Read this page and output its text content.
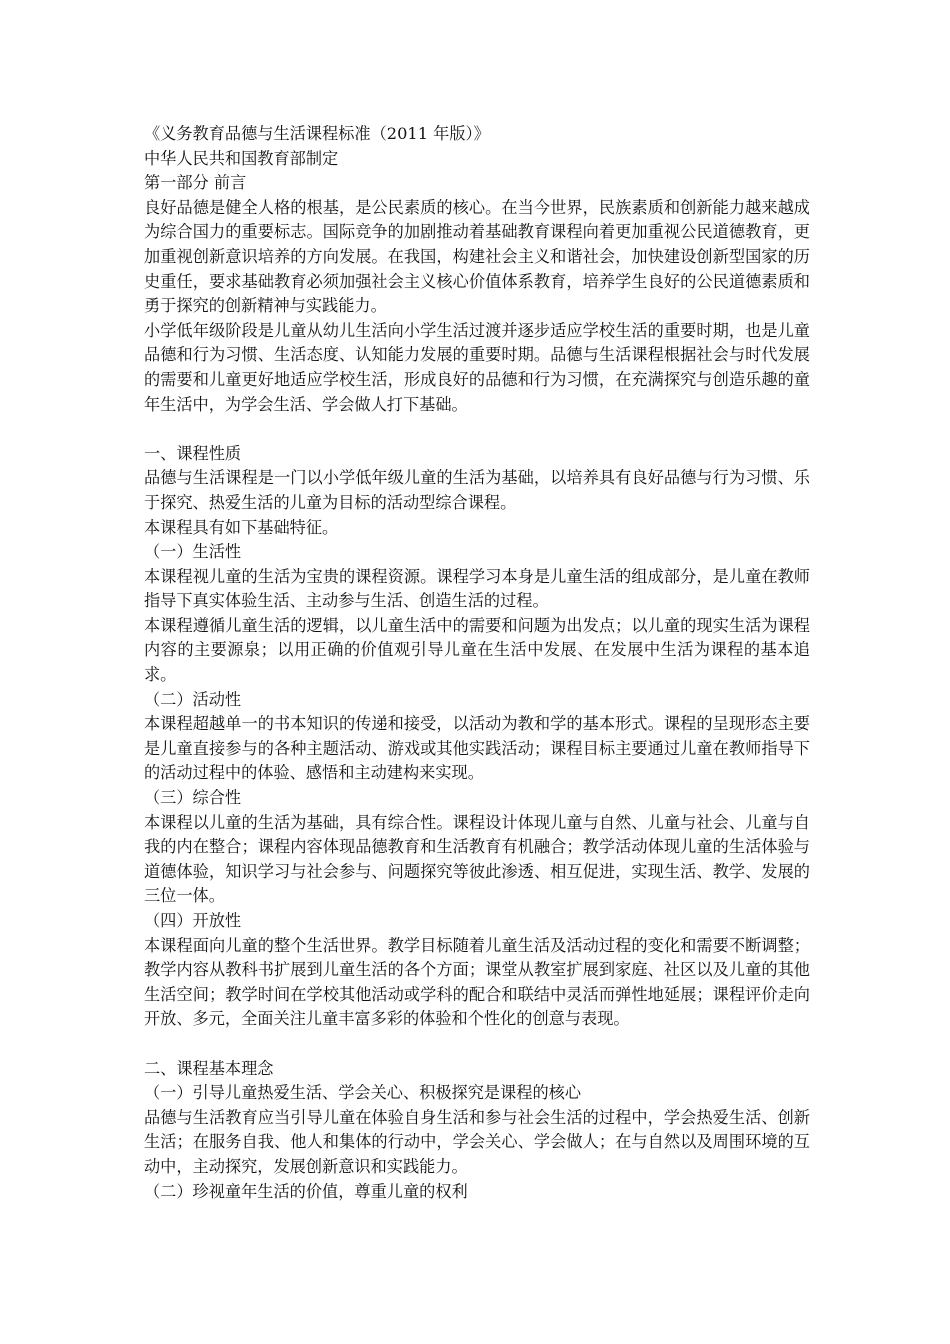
《义务教育品德与生活课程标准（2011 年版）》

中华人民共和国教育部制定

第一部分 前言

良好品德是健全人格的根基，是公民素质的核心。在当今世界，民族素质和创新能力越来越成为综合国力的重要标志。国际竞争的加剧推动着基础教育课程向着更加重视公民道德教育，更加重视创新意识培养的方向发展。在我国，构建社会主义和谐社会，加快建设创新型国家的历史重任，要求基础教育必须加强社会主义核心价值体系教育，培养学生良好的公民道德素质和勇于探究的创新精神与实践能力。

小学低年级阶段是儿童从幼儿生活向小学生活过渡并逐步适应学校生活的重要时期，也是儿童品德和行为习惯、生活态度、认知能力发展的重要时期。品德与生活课程根据社会与时代发展的需要和儿童更好地适应学校生活，形成良好的品德和行为习惯，在充满探究与创造乐趣的童年生活中，为学会生活、学会做人打下基础。

一、课程性质

品德与生活课程是一门以小学低年级儿童的生活为基础，以培养具有良好品德与行为习惯、乐于探究、热爱生活的儿童为目标的活动型综合课程。

本课程具有如下基础特征。

（一）生活性

本课程视儿童的生活为宝贵的课程资源。课程学习本身是儿童生活的组成部分，是儿童在教师指导下真实体验生活、主动参与生活、创造生活的过程。

本课程遵循儿童生活的逻辑，以儿童生活中的需要和问题为出发点；以儿童的现实生活为课程内容的主要源泉；以用正确的价值观引导儿童在生活中发展、在发展中生活为课程的基本追求。

（二）活动性

本课程超越单一的书本知识的传递和接受，以活动为教和学的基本形式。课程的呈现形态主要是儿童直接参与的各种主题活动、游戏或其他实践活动；课程目标主要通过儿童在教师指导下的活动过程中的体验、感悟和主动建构来实现。

（三）综合性

本课程以儿童的生活为基础，具有综合性。课程设计体现儿童与自然、儿童与社会、儿童与自我的内在整合；课程内容体现品德教育和生活教育有机融合；教学活动体现儿童的生活体验与道德体验，知识学习与社会参与、问题探究等彼此渗透、相互促进，实现生活、教学、发展的三位一体。

（四）开放性

本课程面向儿童的整个生活世界。教学目标随着儿童生活及活动过程的变化和需要不断调整；教学内容从教科书扩展到儿童生活的各个方面；课堂从教室扩展到家庭、社区以及儿童的其他生活空间；教学时间在学校其他活动或学科的配合和联结中灵活而弹性地延展；课程评价走向开放、多元，全面关注儿童丰富多彩的体验和个性化的创意与表现。

二、课程基本理念

（一）引导儿童热爱生活、学会关心、积极探究是课程的核心

品德与生活教育应当引导儿童在体验自身生活和参与社会生活的过程中，学会热爱生活、创新生活；在服务自我、他人和集体的行动中，学会关心、学会做人；在与自然以及周围环境的互动中，主动探究，发展创新意识和实践能力。

（二）珍视童年生活的价值，尊重儿童的权利
